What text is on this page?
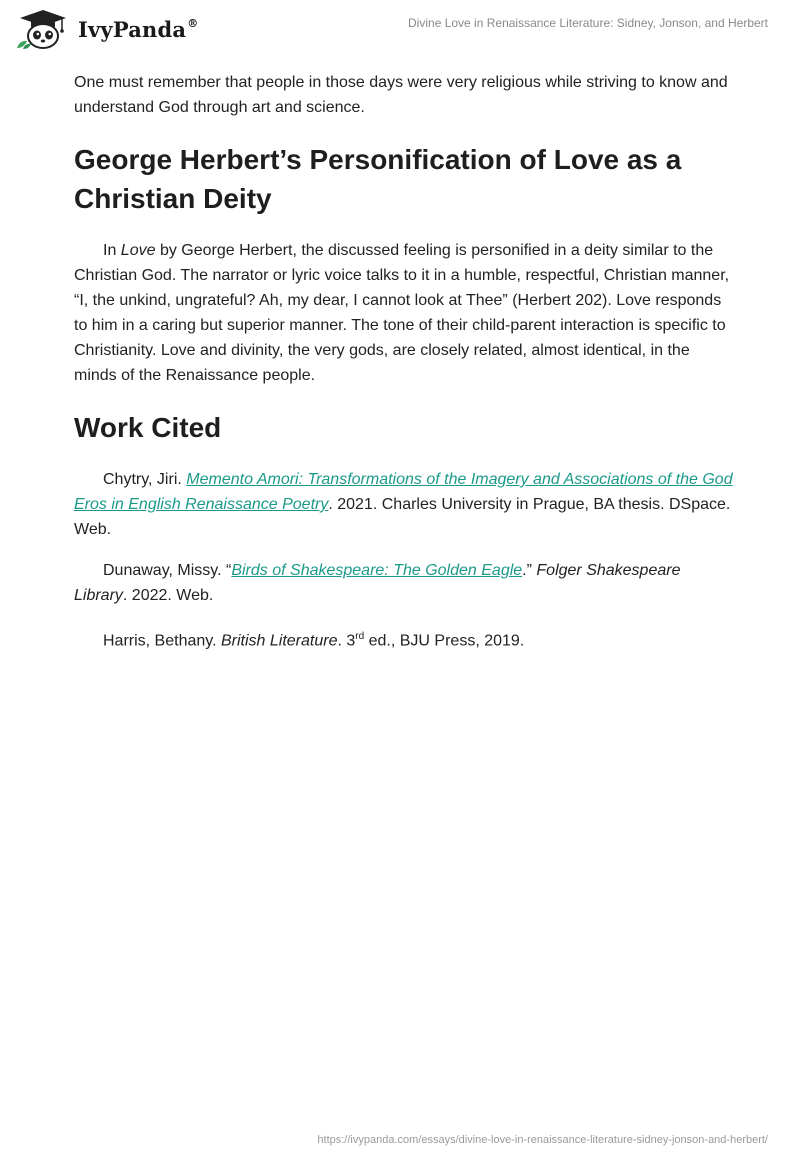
IvyPanda®	Divine Love in Renaissance Literature: Sidney, Jonson, and Herbert

One must remember that people in those days were very religious while striving to know and understand God through art and science.

George Herbert’s Personification of Love as a Christian Deity

In Love by George Herbert, the discussed feeling is personified in a deity similar to the Christian God. The narrator or lyric voice talks to it in a humble, respectful, Christian manner, “I, the unkind, ungrateful? Ah, my dear, I cannot look at Thee” (Herbert 202). Love responds to him in a caring but superior manner. The tone of their child-parent interaction is specific to Christianity. Love and divinity, the very gods, are closely related, almost identical, in the minds of the Renaissance people.

Work Cited

Chytry, Jiri. Memento Amori: Transformations of the Imagery and Associations of the God Eros in English Renaissance Poetry. 2021. Charles University in Prague, BA thesis. DSpace. Web.

Dunaway, Missy. “Birds of Shakespeare: The Golden Eagle.” Folger Shakespeare Library. 2022. Web.

Harris, Bethany. British Literature. 3rd ed., BJU Press, 2019.

https://ivypanda.com/essays/divine-love-in-renaissance-literature-sidney-jonson-and-herbert/
